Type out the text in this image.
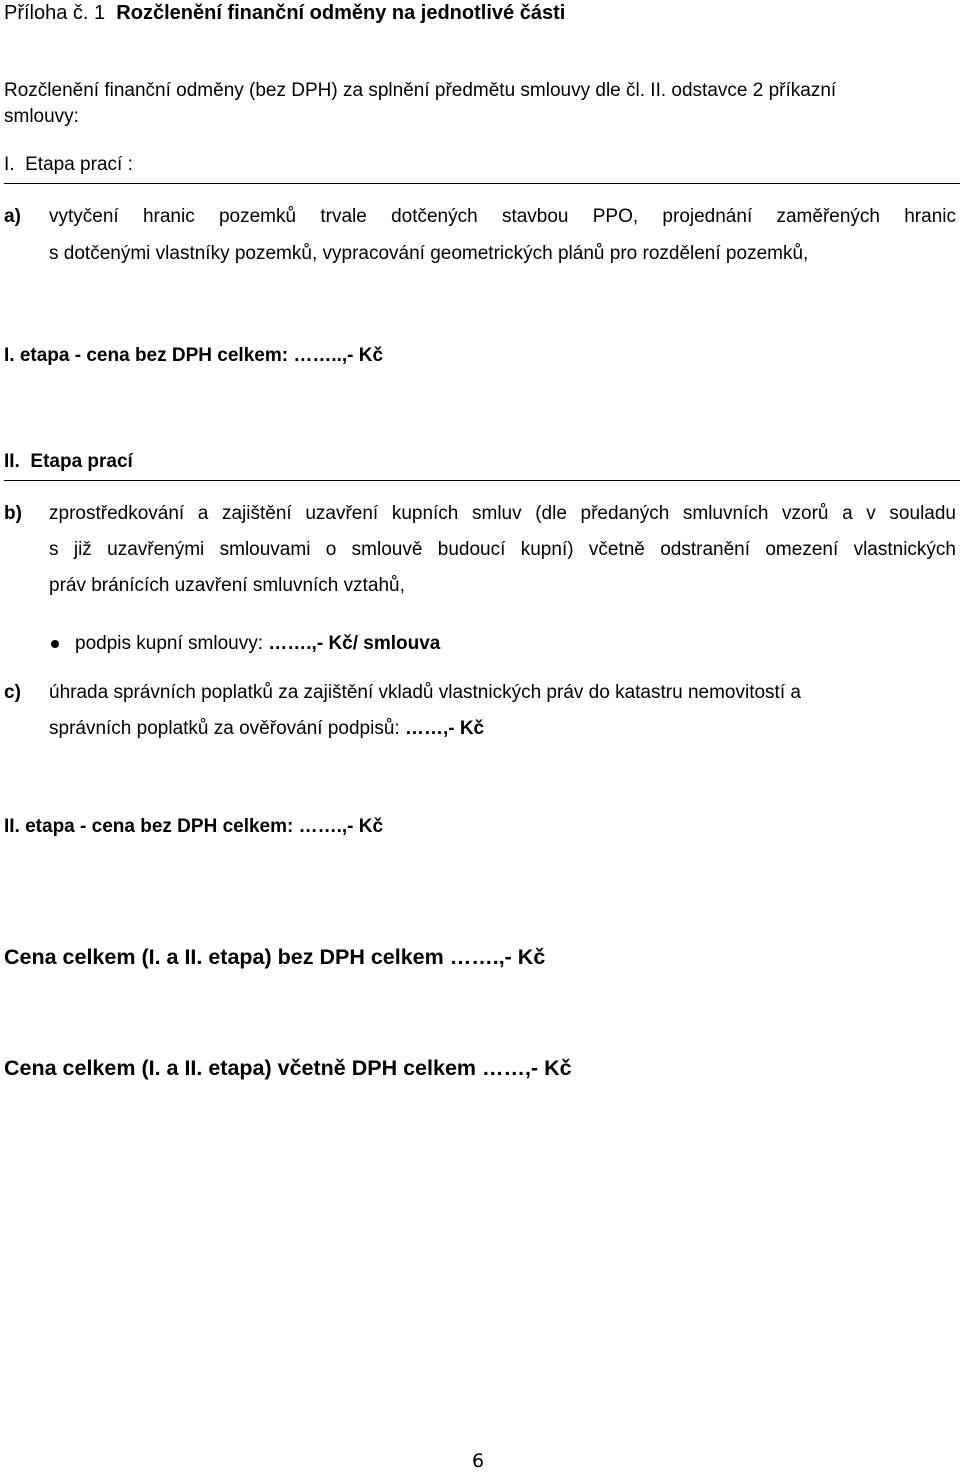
Příloha č. 1 Rozčlenění finanční odměny na jednotlivé části
Rozčlenění finanční odměny (bez DPH) za splnění předmětu smlouvy dle čl. II. odstavce 2 příkazní
smlouvy:
I.  Etapa prací :
a) vytyčení hranic pozemků trvale dotčených stavbou PPO, projednání zaměřených hranic
s dotčenými vlastníky pozemků, vypracování geometrických plánů pro rozdělení pozemků,
I. etapa - cena bez DPH celkem: ……..,- Kč
II.  Etapa prací
b) zprostředkování a zajištění uzavření kupních smluv (dle předaných smluvních vzorů a v souladu
s již uzavřenými smlouvami o smlouvě budoucí kupní) včetně odstranění omezení vlastnických
práv bránících uzavření smluvních vztahů,
podpis kupní smlouvy: …….,- Kč/ smlouva
c) úhrada správních poplatků za zajištění vkladů vlastnických práv do katastru nemovitostí a
správních poplatků za ověřování podpisů: ……,- Kč
II. etapa - cena bez DPH celkem: …….,- Kč
Cena celkem (I. a II. etapa) bez DPH celkem …….,- Kč
Cena celkem (I. a II. etapa) včetně DPH celkem ……,- Kč
6
